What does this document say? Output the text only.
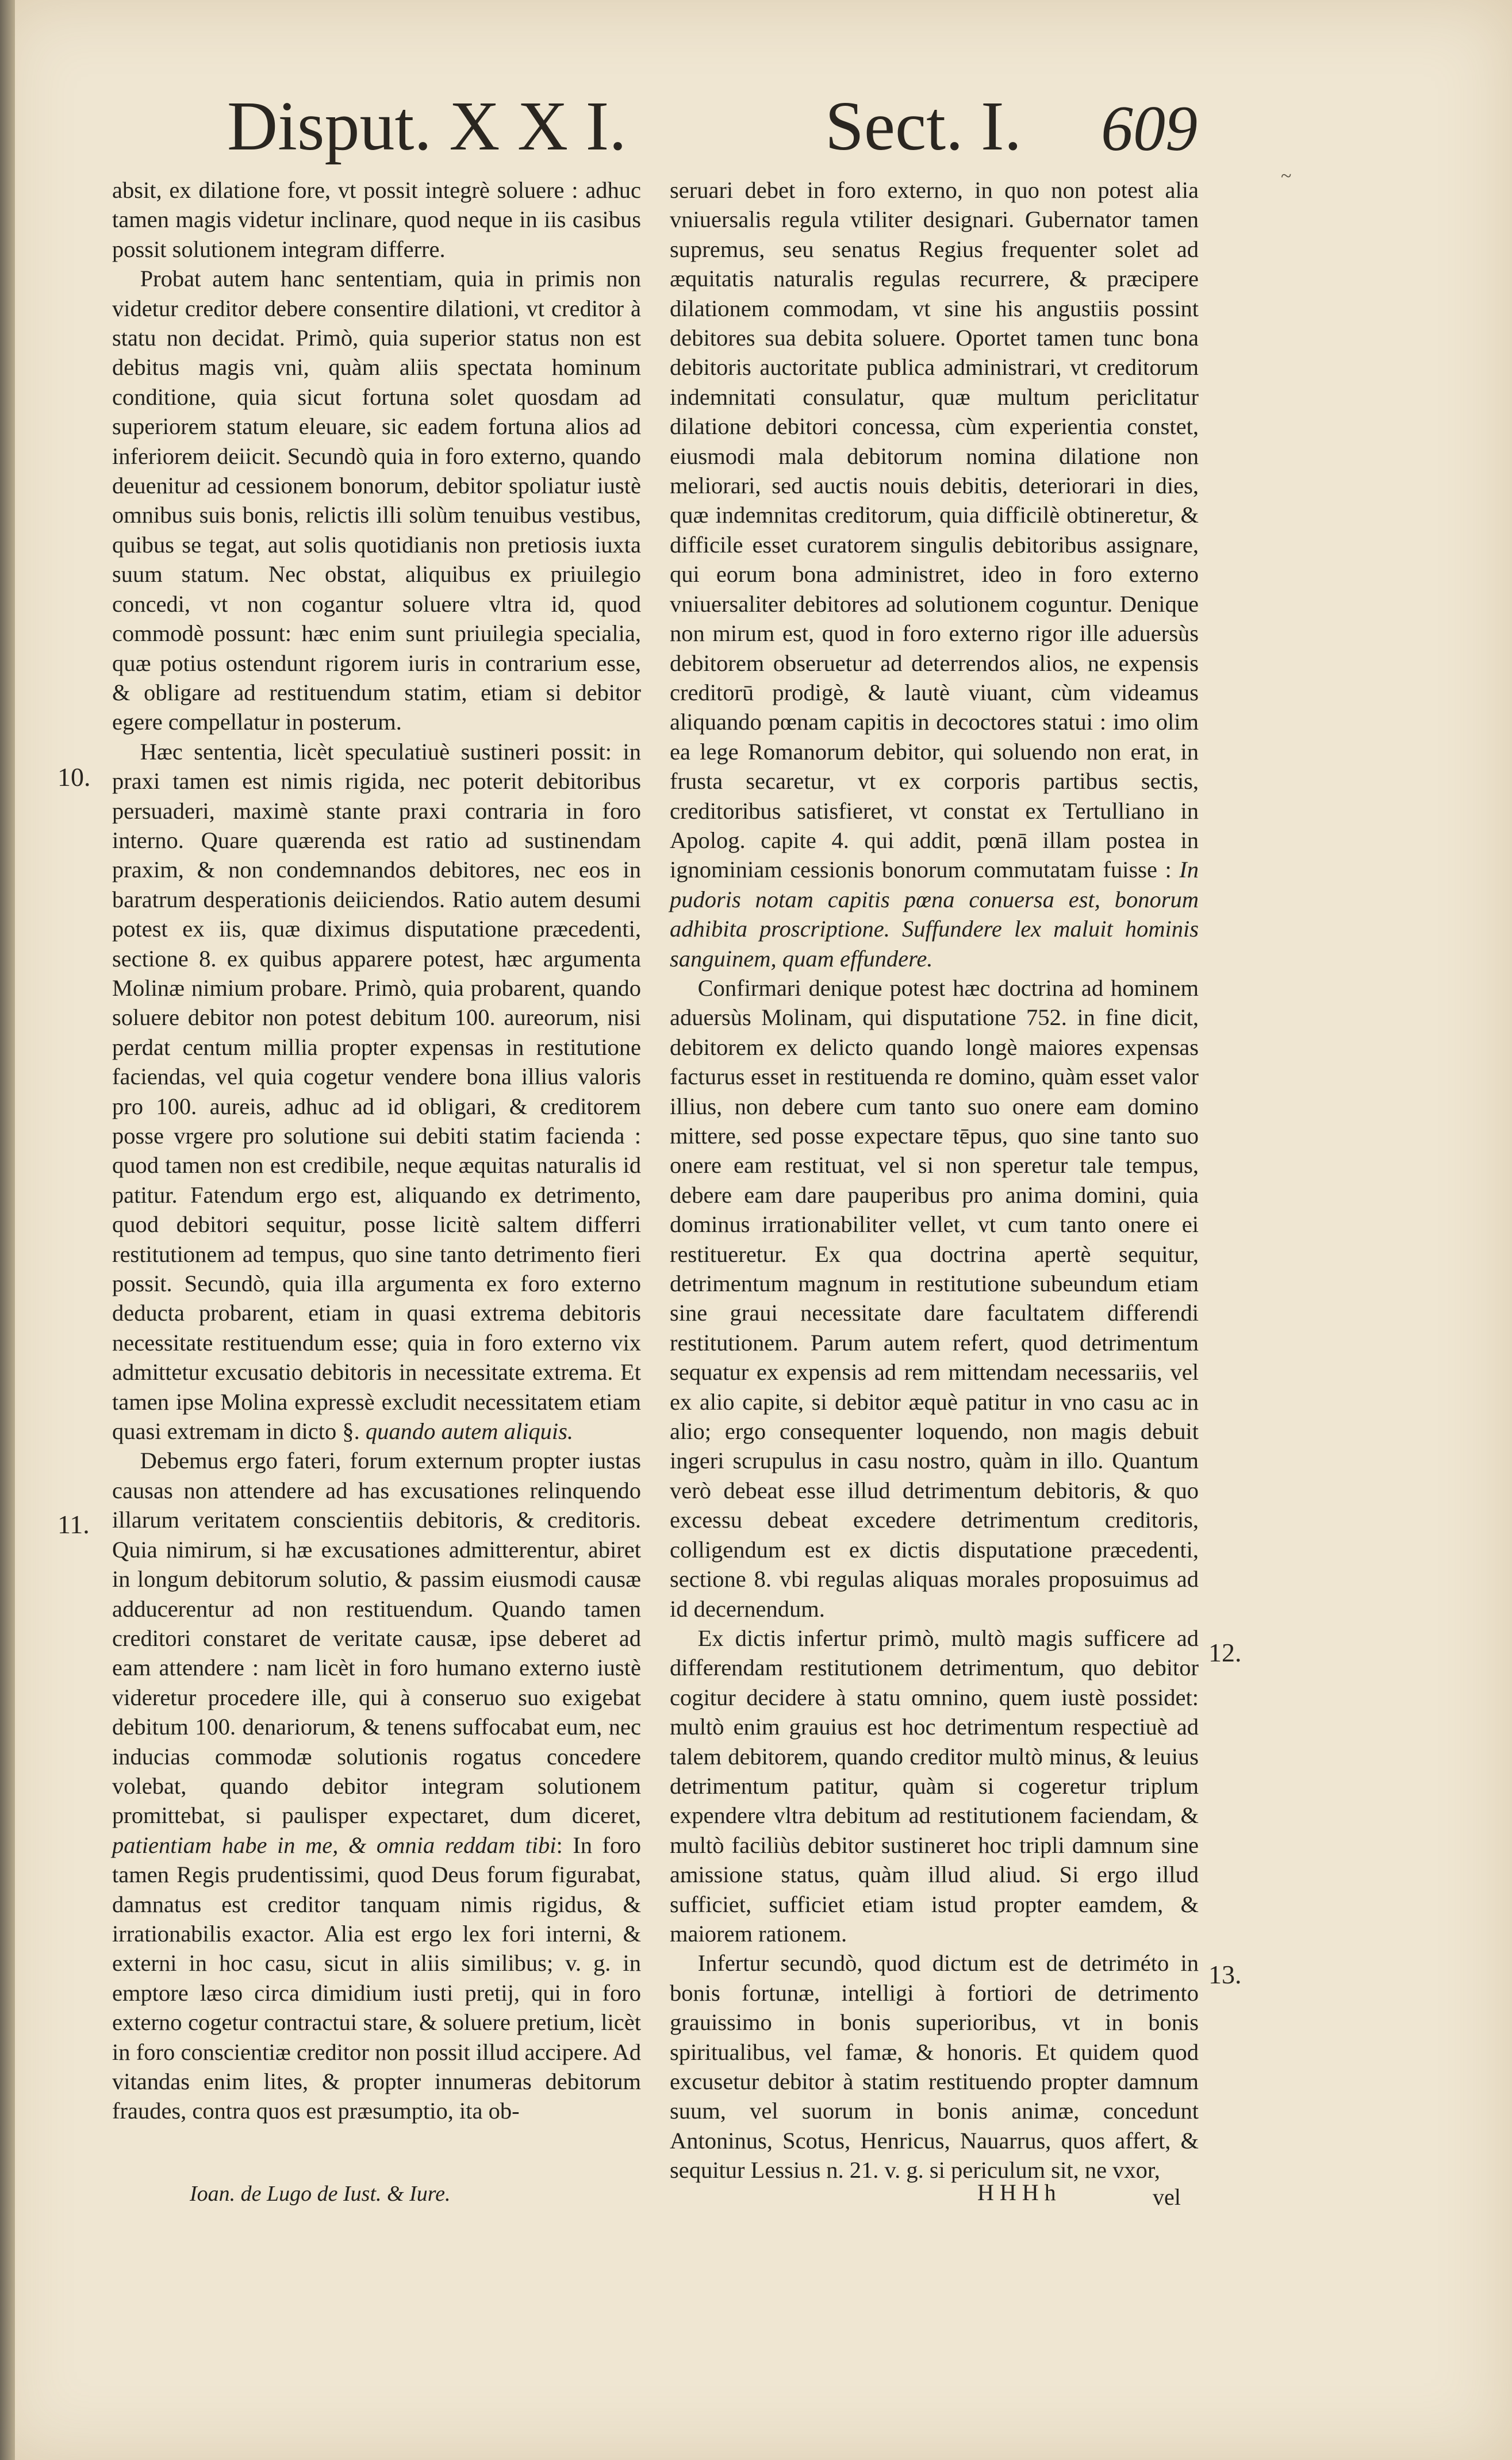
Disput. X X I.	Sect. I. 609
~

absit, ex dilatione fore, vt possit integrè soluere : adhuc tamen magis videtur inclinare, quod neque in iis casibus possit solutionem integram differre.

Probat autem hanc sententiam, quia in primis non videtur creditor debere consentire dilationi, vt creditor à statu non decidat. Primò, quia superior status non est debitus magis vni, quàm aliis spectata hominum conditione, quia sicut fortuna solet quosdam ad superiorem statum eleuare, sic eadem fortuna alios ad inferiorem deiicit. Secundò quia in foro externo, quando deuenitur ad cessionem bonorum, debitor spoliatur iustè omnibus suis bonis, relictis illi solùm tenuibus vestibus, quibus se tegat, aut solis quotidianis non pretiosis iuxta suum statum. Nec obstat, aliquibus ex priuilegio concedi, vt non cogantur soluere vltra id, quod commodè possunt: hæc enim sunt priuilegia specialia, quæ potius ostendunt rigorem iuris in contrarium esse, & obligare ad restituendum statim, etiam si debitor egere compellatur in posterum.

Hæc sententia, licèt speculatiuè sustineri possit: in praxi tamen est nimis rigida, nec poterit debitoribus persuaderi, maximè stante praxi contraria in foro interno. Quare quærenda est ratio ad sustinendam praxim, & non condemnandos debitores, nec eos in baratrum desperationis deiiciendos. Ratio autem desumi potest ex iis, quæ diximus disputatione præcedenti, sectione 8. ex quibus apparere potest, hæc argumenta Molinæ nimium probare. Primò, quia probarent, quando soluere debitor non potest debitum 100. aureorum, nisi perdat centum millia propter expensas in restitutione faciendas, vel quia cogetur vendere bona illius valoris pro 100. aureis, adhuc ad id obligari, & creditorem posse vrgere pro solutione sui debiti statim facienda : quod tamen non est credibile, neque æquitas naturalis id patitur. Fatendum ergo est, aliquando ex detrimento, quod debitori sequitur, posse licitè saltem differri restitutionem ad tempus, quo sine tanto detrimento fieri possit. Secundò, quia illa argumenta ex foro externo deducta probarent, etiam in quasi extrema debitoris necessitate restituendum esse; quia in foro externo vix admittetur excusatio debitoris in necessitate extrema. Et tamen ipse Molina expressè excludit necessitatem etiam quasi extremam in dicto §. quando autem aliquis.

Debemus ergo fateri, forum externum propter iustas causas non attendere ad has excusationes relinquendo illarum veritatem conscientiis debitoris, & creditoris. Quia nimirum, si hæ excusationes admitterentur, abiret in longum debitorum solutio, & passim eiusmodi causæ adducerentur ad non restituendum. Quando tamen creditori constaret de veritate causæ, ipse deberet ad eam attendere : nam licèt in foro humano externo iustè videretur procedere ille, qui à conseruo suo exigebat debitum 100. denariorum, & tenens suffocabat eum, nec inducias commodæ solutionis rogatus concedere volebat, quando debitor integram solutionem promittebat, si paulisper expectaret, dum diceret, patientiam habe in me, & omnia reddam tibi: In foro tamen Regis prudentissimi, quod Deus forum figurabat, damnatus est creditor tanquam nimis rigidus, & irrationabilis exactor. Alia est ergo lex fori interni, & externi in hoc casu, sicut in aliis similibus; v. g. in emptore læso circa dimidium iusti pretij, qui in foro externo cogetur contractui stare, & soluere pretium, licèt in foro conscientiæ creditor non possit illud accipere. Ad vitandas enim lites, & propter innumeras debitorum fraudes, contra quos est præsumptio, ita ob-

seruari debet in foro externo, in quo non potest alia vniuersalis regula vtiliter designari. Gubernator tamen supremus, seu senatus Regius frequenter solet ad æquitatis naturalis regulas recurrere, & præcipere dilationem commodam, vt sine his angustiis possint debitores sua debita soluere. Oportet tamen tunc bona debitoris auctoritate publica administrari, vt creditorum indemnitati consulatur, quæ multum periclitatur dilatione debitori concessa, cùm experientia constet, eiusmodi mala debitorum nomina dilatione non meliorari, sed auctis nouis debitis, deteriorari in dies, quæ indemnitas creditorum, quia difficilè obtineretur, & difficile esset curatorem singulis debitoribus assignare, qui eorum bona administret, ideo in foro externo vniuersaliter debitores ad solutionem coguntur. Denique non mirum est, quod in foro externo rigor ille aduersùs debitorem obseruetur ad deterrendos alios, ne expensis creditorū prodigè, & lautè viuant, cùm videamus aliquando pœnam capitis in decoctores statui : imo olim ea lege Romanorum debitor, qui soluendo non erat, in frusta secaretur, vt ex corporis partibus sectis, creditoribus satisfieret, vt constat ex Tertulliano in Apolog. capite 4. qui addit, pœnā illam postea in ignominiam cessionis bonorum commutatam fuisse : In pudoris notam capitis pœna conuersa est, bonorum adhibita proscriptione. Suffundere lex maluit hominis sanguinem, quam effundere.

Confirmari denique potest hæc doctrina ad hominem aduersùs Molinam, qui disputatione 752. in fine dicit, debitorem ex delicto quando longè maiores expensas facturus esset in restituenda re domino, quàm esset valor illius, non debere cum tanto suo onere eam domino mittere, sed posse expectare tēpus, quo sine tanto suo onere eam restituat, vel si non speretur tale tempus, debere eam dare pauperibus pro anima domini, quia dominus irrationabiliter vellet, vt cum tanto onere ei restitueretur. Ex qua doctrina apertè sequitur, detrimentum magnum in restitutione subeundum etiam sine graui necessitate dare facultatem differendi restitutionem. Parum autem refert, quod detrimentum sequatur ex expensis ad rem mittendam necessariis, vel ex alio capite, si debitor æquè patitur in vno casu ac in alio; ergo consequenter loquendo, non magis debuit ingeri scrupulus in casu nostro, quàm in illo. Quantum verò debeat esse illud detrimentum debitoris, & quo excessu debeat excedere detrimentum creditoris, colligendum est ex dictis disputatione præcedenti, sectione 8. vbi regulas aliquas morales proposuimus ad id decernendum.

Ex dictis infertur primò, multò magis sufficere ad differendam restitutionem detrimentum, quo debitor cogitur decidere à statu omnino, quem iustè possidet: multò enim grauius est hoc detrimentum respectiuè ad talem debitorem, quando creditor multò minus, & leuius detrimentum patitur, quàm si cogeretur triplum expendere vltra debitum ad restitutionem faciendam, & multò faciliùs debitor sustineret hoc tripli damnum sine amissione status, quàm illud aliud. Si ergo illud sufficiet, sufficiet etiam istud propter eamdem, & maiorem rationem.

Infertur secundò, quod dictum est de detriméto in bonis fortunæ, intelligi à fortiori de detrimento grauissimo in bonis superioribus, vt in bonis spiritualibus, vel famæ, & honoris. Et quidem quod excusetur debitor à statim restituendo propter damnum suum, vel suorum in bonis animæ, concedunt Antoninus, Scotus, Henricus, Nauarrus, quos affert, & sequitur Lessius n. 21. v. g. si periculum sit, ne vxor,

10.
11.
12.
13.
Ioan. de Lugo de Iust. & Iure.	HHHh	vel
